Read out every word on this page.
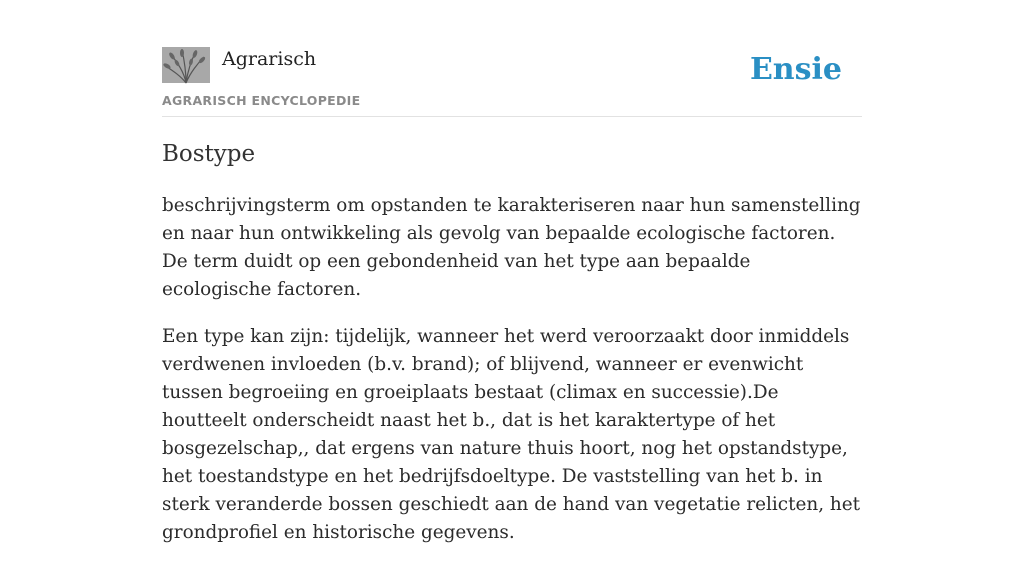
Agrarisch
AGRARISCH ENCYCLOPEDIE
Ensie
Bostype

beschrijvingsterm om opstanden te karakteriseren naar hun samenstelling en naar hun ontwikkeling als gevolg van bepaalde ecologische factoren. De term duidt op een gebondenheid van het type aan bepaalde ecologische factoren.

Een type kan zijn: tijdelijk, wanneer het werd veroorzaakt door inmiddels verdwenen invloeden (b.v. brand); of blijvend, wanneer er evenwicht tussen begroeiing en groeiplaats bestaat (climax en successie).De houtteelt onderscheidt naast het b., dat is het karaktertype of het bosgezelschap,, dat ergens van nature thuis hoort, nog het opstandstype, het toestandstype en het bedrijfsdoeltype. De vaststelling van het b. in sterk veranderde bossen geschiedt aan de hand van vegetatie relicten, het grondprofiel en historische gegevens.
